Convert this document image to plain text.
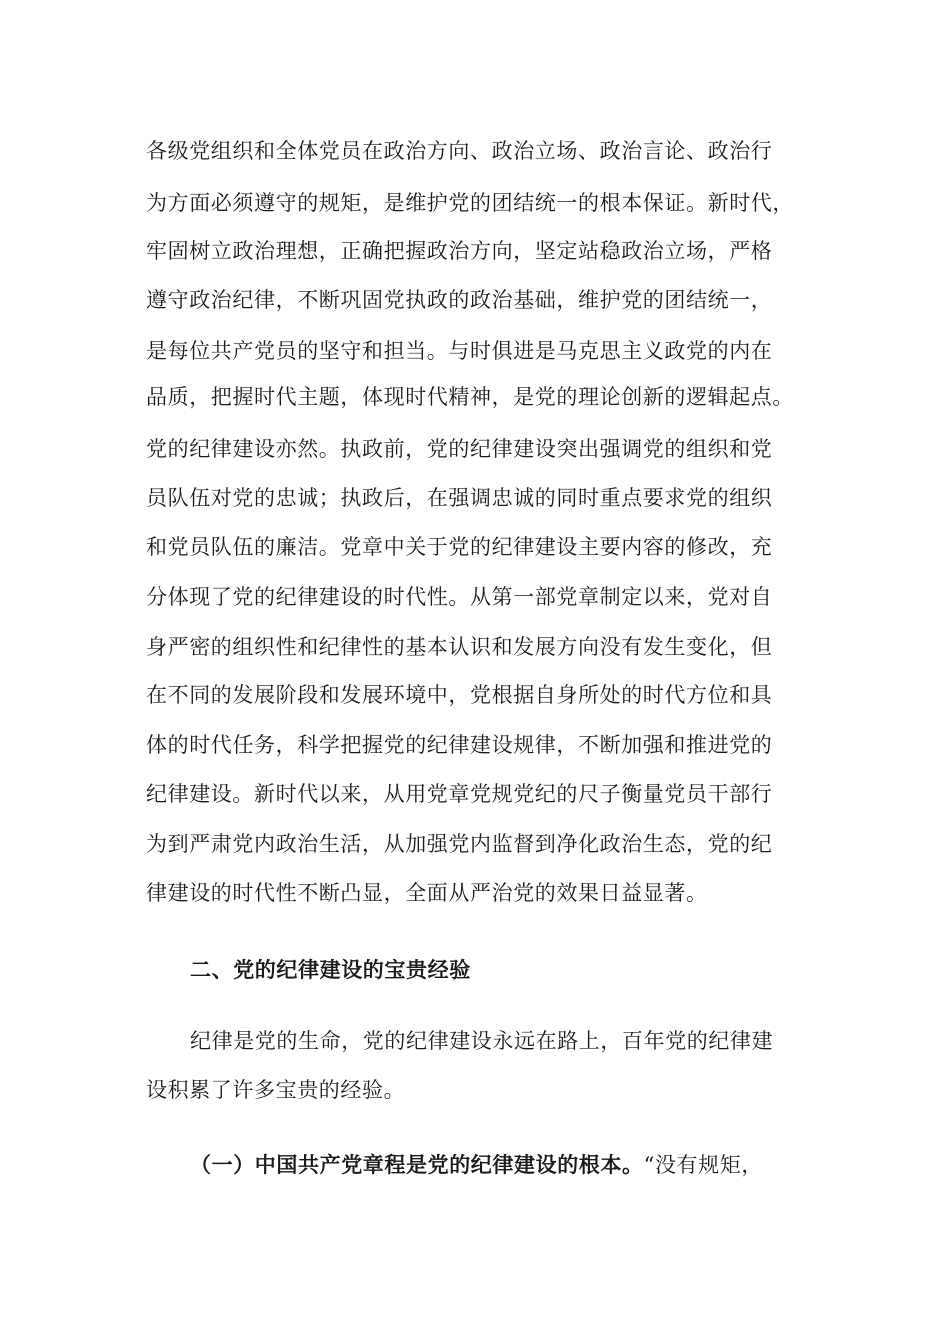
各级党组织和全体党员在政治方向、政治立场、政治言论、政治行
为方面必须遵守的规矩，是维护党的团结统一的根本保证。新时代，
牢固树立政治理想，正确把握政治方向，坚定站稳政治立场，严格
遵守政治纪律，不断巩固党执政的政治基础，维护党的团结统一，
是每位共产党员的坚守和担当。与时俱进是马克思主义政党的内在
品质，把握时代主题，体现时代精神，是党的理论创新的逻辑起点。
党的纪律建设亦然。执政前，党的纪律建设突出强调党的组织和党
员队伍对党的忠诚；执政后，在强调忠诚的同时重点要求党的组织
和党员队伍的廉洁。党章中关于党的纪律建设主要内容的修改，充
分体现了党的纪律建设的时代性。从第一部党章制定以来，党对自
身严密的组织性和纪律性的基本认识和发展方向没有发生变化，但
在不同的发展阶段和发展环境中，党根据自身所处的时代方位和具
体的时代任务，科学把握党的纪律建设规律，不断加强和推进党的
纪律建设。新时代以来，从用党章党规党纪的尺子衡量党员干部行
为到严肃党内政治生活，从加强党内监督到净化政治生态，党的纪
律建设的时代性不断凸显，全面从严治党的效果日益显著。
二、党的纪律建设的宝贵经验
纪律是党的生命，党的纪律建设永远在路上，百年党的纪律建
设积累了许多宝贵的经验。
（一）中国共产党章程是党的纪律建设的根本。“没有规矩，
